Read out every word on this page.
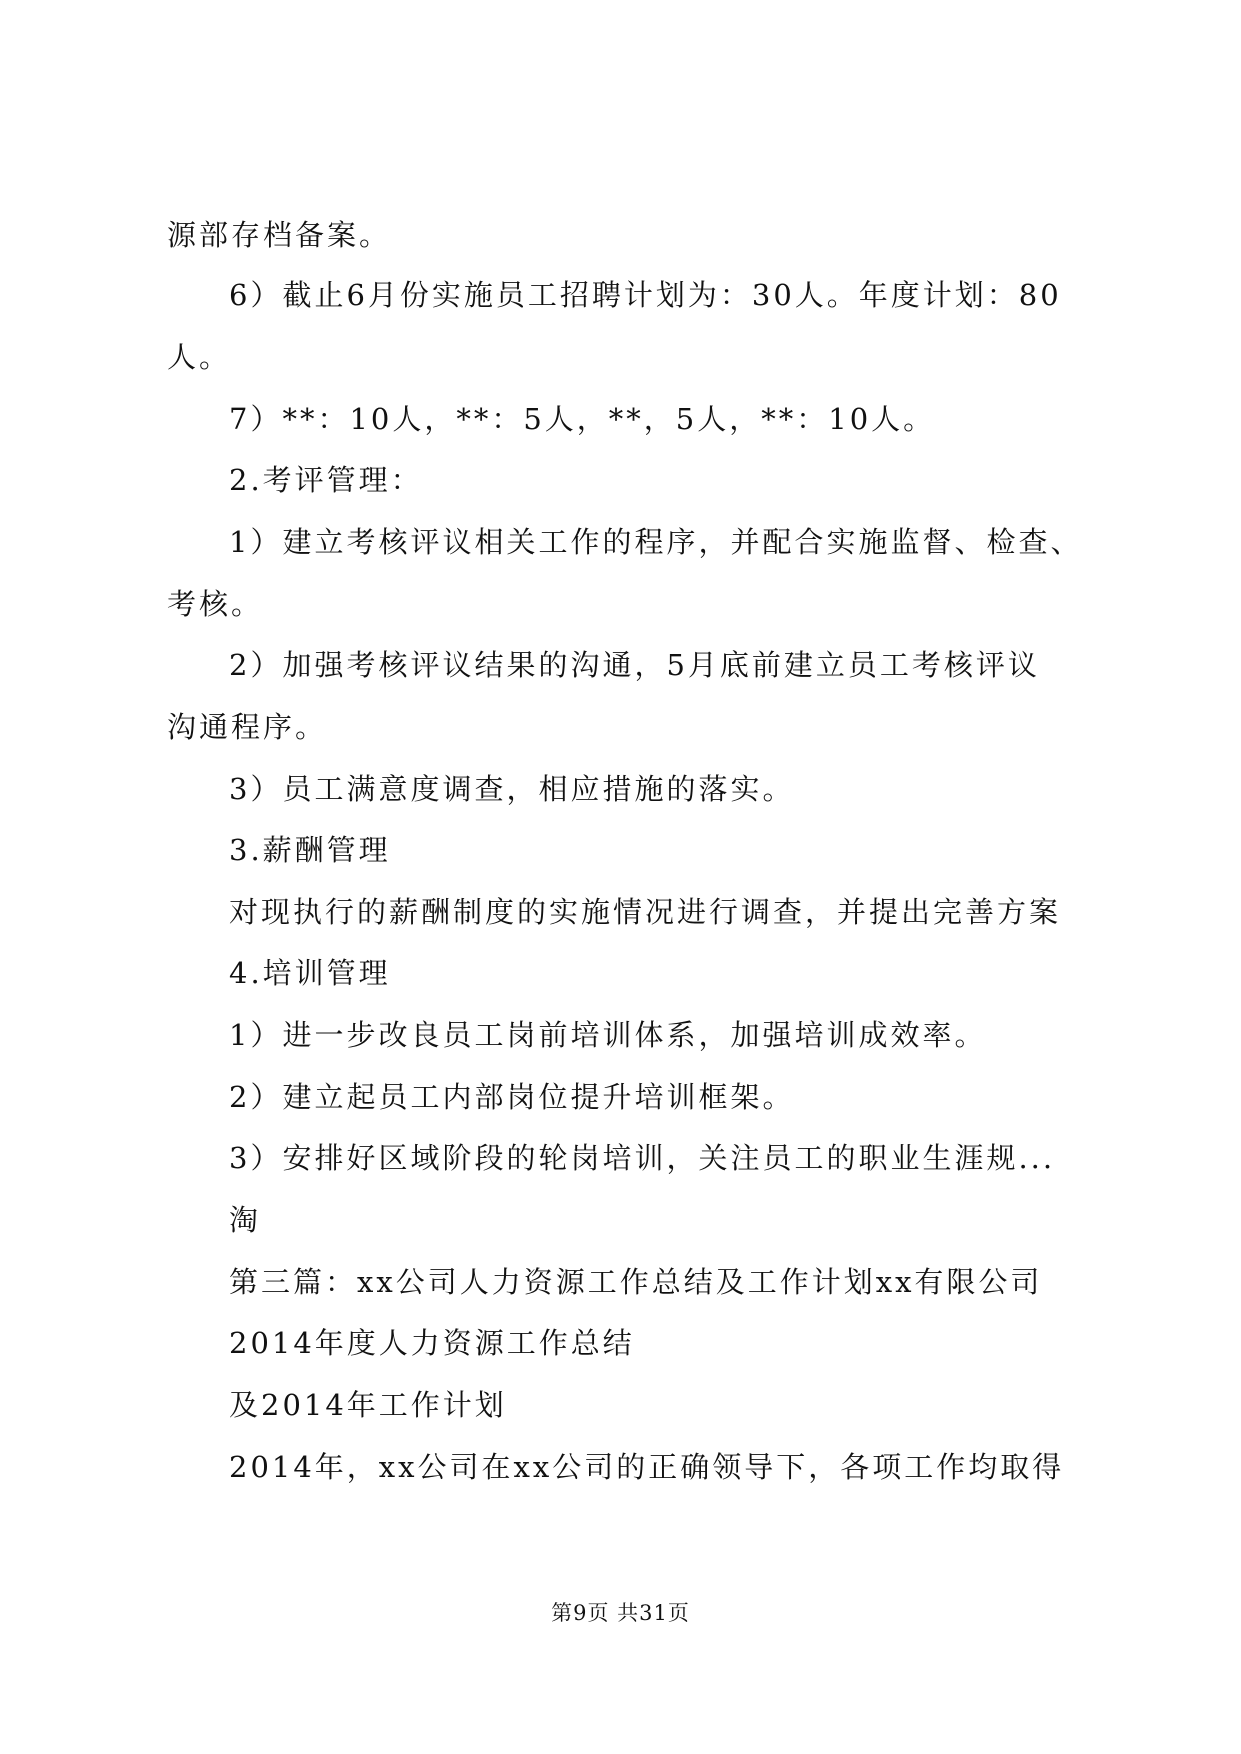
源部存档备案。
6）截止6月份实施员工招聘计划为：30人。年度计划：80
人。
7）**：10人，**：5人，**，5人，**：10人。
2.考评管理：
1）建立考核评议相关工作的程序，并配合实施监督、检查、
考核。
2）加强考核评议结果的沟通，5月底前建立员工考核评议
沟通程序。
3）员工满意度调查，相应措施的落实。
3.薪酬管理
对现执行的薪酬制度的实施情况进行调查，并提出完善方案
4.培训管理
1）进一步改良员工岗前培训体系，加强培训成效率。
2）建立起员工内部岗位提升培训框架。
3）安排好区域阶段的轮岗培训，关注员工的职业生涯规...
淘
第三篇：xx公司人力资源工作总结及工作计划xx有限公司
2014年度人力资源工作总结
及2014年工作计划
2014年，xx公司在xx公司的正确领导下，各项工作均取得
第9页 共31页
